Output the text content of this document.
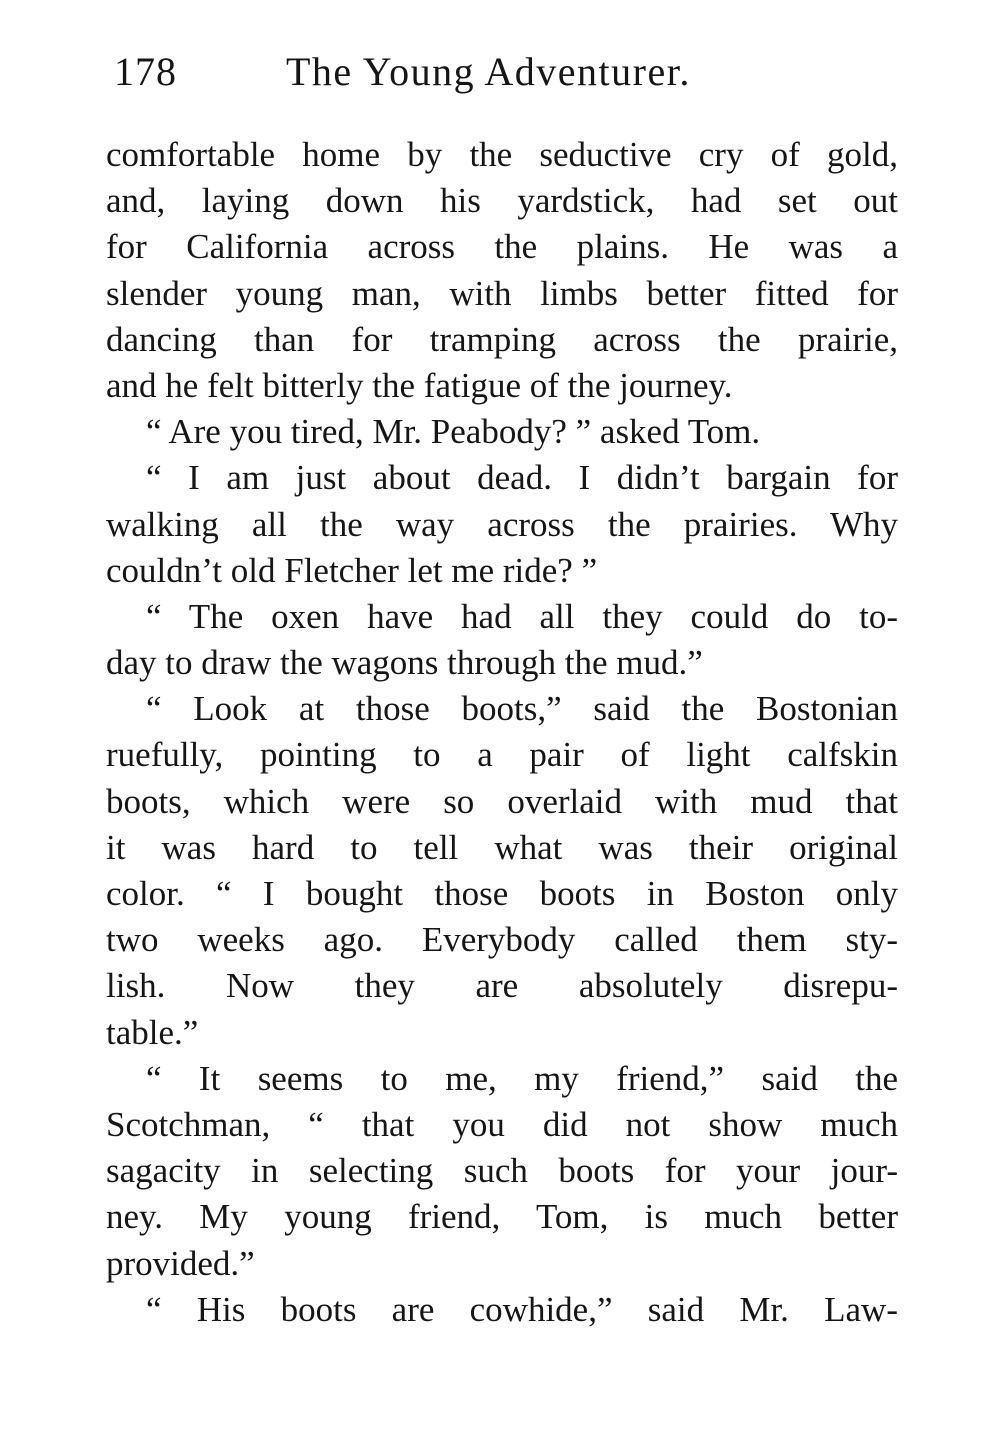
178	The Young Adventurer.
comfortable home by the seductive cry of gold,
and, laying down his yardstick, had set out
for California across the plains. He was a
slender young man, with limbs better fitted for
dancing than for tramping across the prairie,
and he felt bitterly the fatigue of the journey.
“ Are you tired, Mr. Peabody? ” asked Tom.
“ I am just about dead. I didn’t bargain for
walking all the way across the prairies. Why
couldn’t old Fletcher let me ride? ”
“ The oxen have had all they could do to-
day to draw the wagons through the mud.”
“ Look at those boots,” said the Bostonian
ruefully, pointing to a pair of light calfskin
boots, which were so overlaid with mud that
it was hard to tell what was their original
color. “ I bought those boots in Boston only
two weeks ago. Everybody called them sty-
lish. Now they are absolutely disrepu-
table.”
“ It seems to me, my friend,” said the
Scotchman, “ that you did not show much
sagacity in selecting such boots for your jour-
ney. My young friend, Tom, is much better
provided.”
“ His boots are cowhide,” said Mr. Law-
